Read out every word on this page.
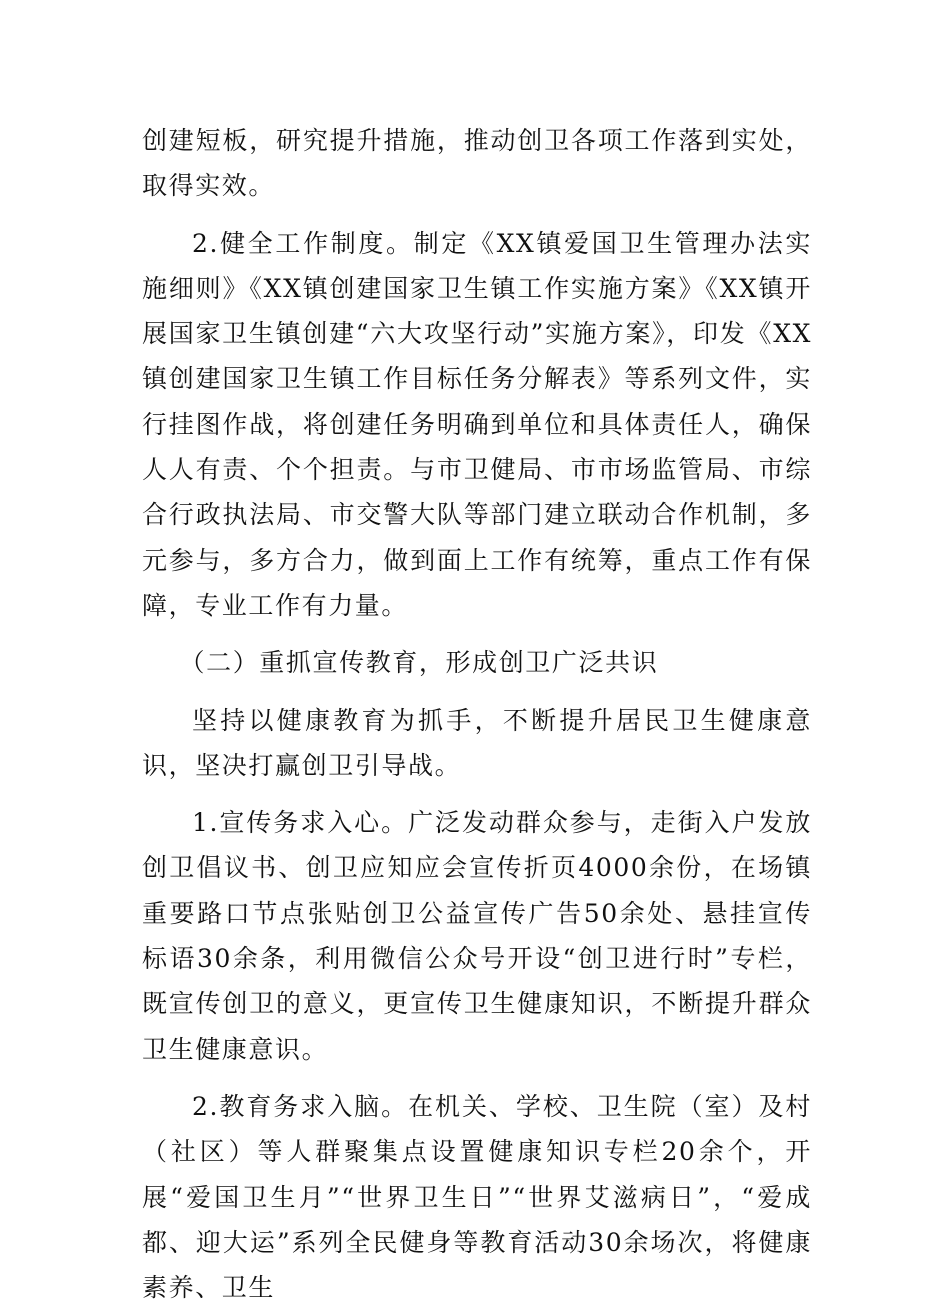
创建短板，研究提升措施，推动创卫各项工作落到实处，取得实效。

2.健全工作制度。制定《XX镇爱国卫生管理办法实施细则》《XX镇创建国家卫生镇工作实施方案》《XX镇开展国家卫生镇创建“六大攻坚行动”实施方案》，印发《XX镇创建国家卫生镇工作目标任务分解表》等系列文件，实行挂图作战，将创建任务明确到单位和具体责任人，确保人人有责、个个担责。与市卫健局、市市场监管局、市综合行政执法局、市交警大队等部门建立联动合作机制，多元参与，多方合力，做到面上工作有统筹，重点工作有保障，专业工作有力量。

（二）重抓宣传教育，形成创卫广泛共识

坚持以健康教育为抓手，不断提升居民卫生健康意识，坚决打赢创卫引导战。

1.宣传务求入心。广泛发动群众参与，走街入户发放创卫倡议书、创卫应知应会宣传折页4000余份，在场镇重要路口节点张贴创卫公益宣传广告50余处、悬挂宣传标语30余条，利用微信公众号开设“创卫进行时”专栏，既宣传创卫的意义，更宣传卫生健康知识，不断提升群众卫生健康意识。

2.教育务求入脑。在机关、学校、卫生院（室）及村（社区）等人群聚集点设置健康知识专栏20余个，开展“爱国卫生月”“世界卫生日”“世界艾滋病日”，“爱成都、迎大运”系列全民健身等教育活动30余场次，将健康素养、卫生
